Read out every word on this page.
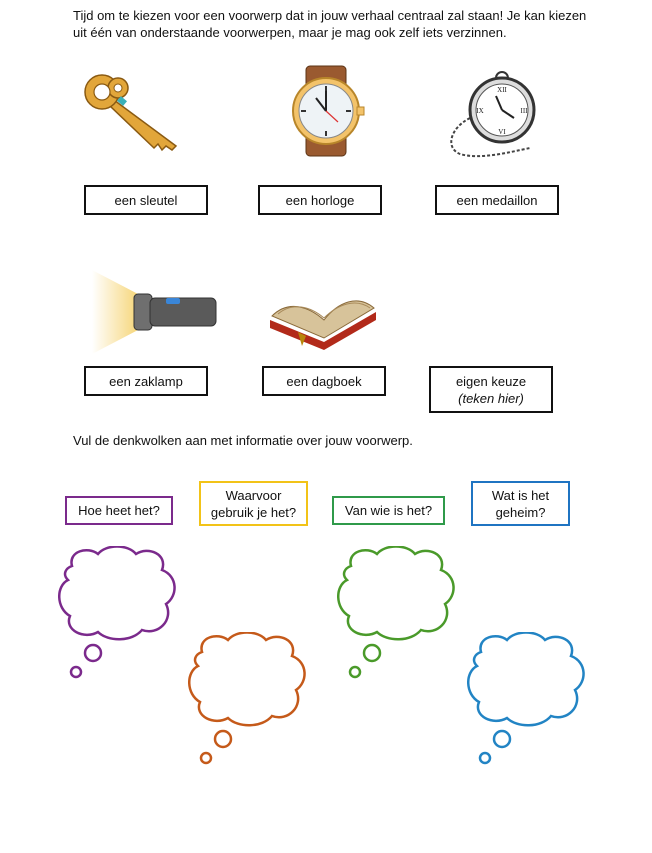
Tijd om te kiezen voor een voorwerp dat in jouw verhaal centraal zal staan! Je kan kiezen uit één van onderstaande voorwerpen, maar je mag ook zelf iets verzinnen.
XII
III
VI
IX
een sleutel	een horloge	een medaillon
een zaklamp	een dagboek	eigen keuze
(teken hier)
Vul de denkwolken aan met informatie over jouw voorwerp.
Hoe heet het?
Waarvoor
gebruik je het?	Van wie is het?
Wat is het
geheim?
